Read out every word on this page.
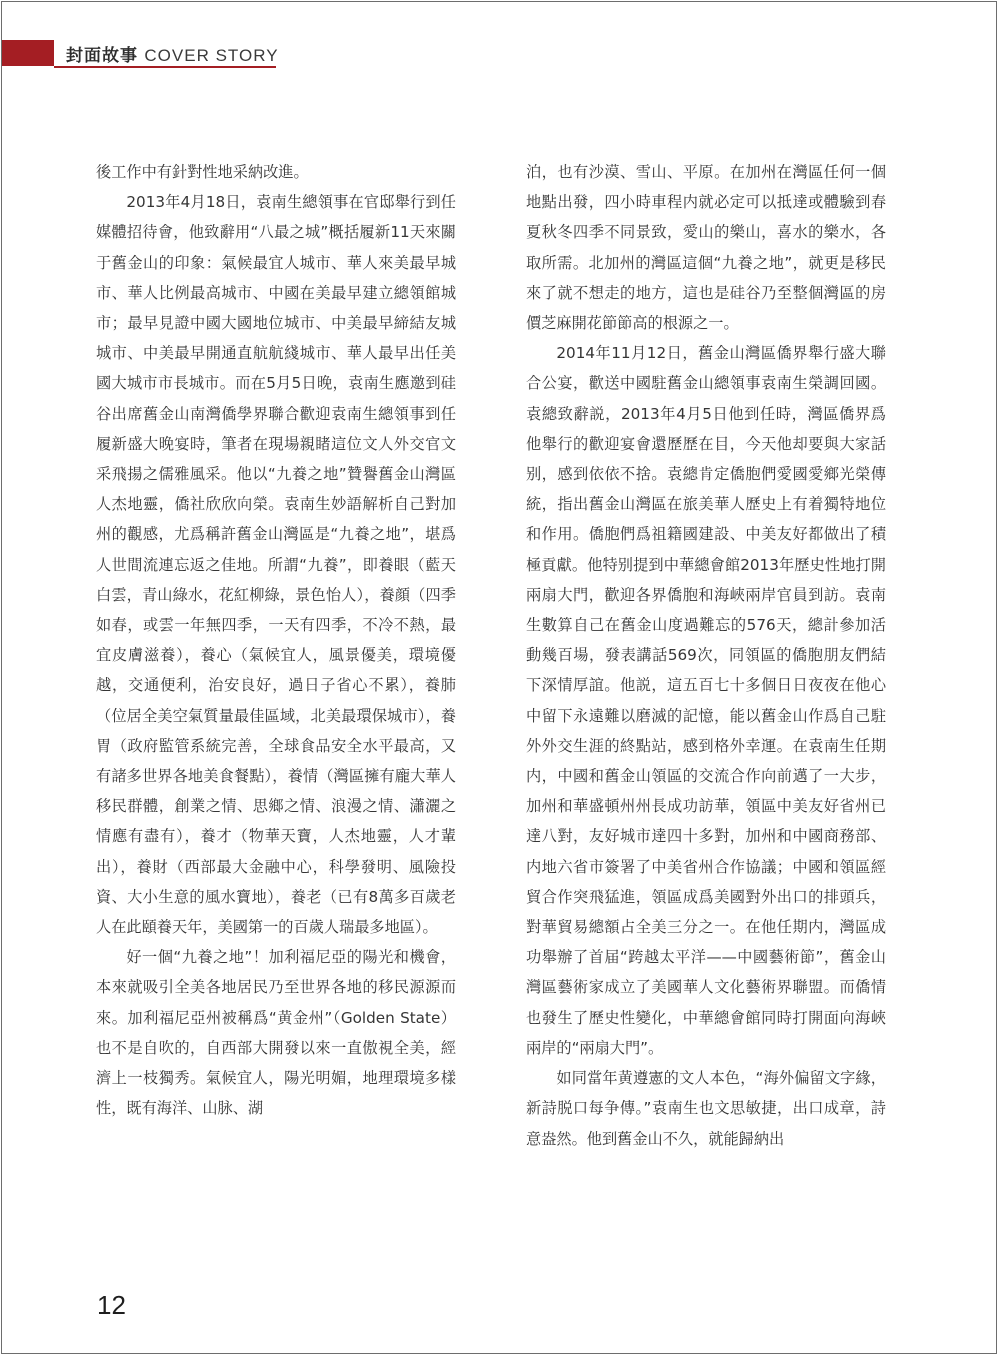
封面故事 COVER STORY

後工作中有針對性地采納改進。

2013年4月18日，袁南生總領事在官邸舉行到任媒體招待會，他致辭用“八最之城”概括履新11天來關于舊金山的印象：氣候最宜人城市、華人來美最早城市、華人比例最高城市、中國在美最早建立總領館城市；最早見證中國大國地位城市、中美最早締結友城城市、中美最早開通直航航綫城市、華人最早出任美國大城市市長城市。而在5月5日晚，袁南生應邀到硅谷出席舊金山南灣僑學界聯合歡迎袁南生總領事到任履新盛大晚宴時，筆者在現場親睹這位文人外交官文采飛揚之儒雅風采。他以“九養之地”贊譽舊金山灣區人杰地靈，僑社欣欣向榮。袁南生妙語解析自己對加州的觀感，尤爲稱許舊金山灣區是“九養之地”，堪爲人世間流連忘返之佳地。所謂“九養”，即養眼（藍天白雲，青山綠水，花紅柳綠，景色怡人），養顔（四季如春，或雲一年無四季，一天有四季，不冷不熱，最宜皮膚滋養），養心（氣候宜人，風景優美，環境優越，交通便利，治安良好，過日子省心不累），養肺（位居全美空氣質量最佳區域，北美最環保城市），養胃（政府監管系統完善，全球食品安全水平最高，又有諸多世界各地美食餐點），養情（灣區擁有龐大華人移民群體，創業之情、思鄉之情、浪漫之情、瀟灑之情應有盡有），養才（物華天寶，人杰地靈，人才輩出），養財（西部最大金融中心，科學發明、風險投資、大小生意的風水寶地），養老（已有8萬多百歲老人在此頤養天年，美國第一的百歲人瑞最多地區）。

好一個“九養之地”！加利福尼亞的陽光和機會，本來就吸引全美各地居民乃至世界各地的移民源源而來。加利福尼亞州被稱爲“黄金州”（Golden State）也不是自吹的，自西部大開發以來一直傲視全美，經濟上一枝獨秀。氣候宜人，陽光明媚，地理環境多樣性，既有海洋、山脉、湖

泊，也有沙漠、雪山、平原。在加州在灣區任何一個地點出發，四小時車程内就必定可以抵達或體驗到春夏秋冬四季不同景致，愛山的樂山，喜水的樂水，各取所需。北加州的灣區這個“九養之地”，就更是移民來了就不想走的地方，這也是硅谷乃至整個灣區的房價芝麻開花節節高的根源之一。

2014年11月12日，舊金山灣區僑界舉行盛大聯合公宴，歡送中國駐舊金山總領事袁南生榮調回國。袁總致辭説，2013年4月5日他到任時，灣區僑界爲他舉行的歡迎宴會還歷歷在目，今天他却要與大家話别，感到依依不捨。袁總肯定僑胞們愛國愛鄉光榮傳統，指出舊金山灣區在旅美華人歷史上有着獨特地位和作用。僑胞們爲祖籍國建設、中美友好都做出了積極貢獻。他特别提到中華總會館2013年歷史性地打開兩扇大門，歡迎各界僑胞和海峽兩岸官員到訪。袁南生數算自己在舊金山度過難忘的576天，總計參加活動幾百場，發表講話569次，同領區的僑胞朋友們結下深情厚誼。他説，這五百七十多個日日夜夜在他心中留下永遠難以磨滅的記憶，能以舊金山作爲自己駐外外交生涯的終點站，感到格外幸運。在袁南生任期内，中國和舊金山領區的交流合作向前邁了一大步，加州和華盛頓州州長成功訪華，領區中美友好省州已達八對，友好城市達四十多對，加州和中國商務部、内地六省市簽署了中美省州合作協議；中國和領區經貿合作突飛猛進，領區成爲美國對外出口的排頭兵，對華貿易總額占全美三分之一。在他任期内，灣區成功舉辦了首届“跨越太平洋——中國藝術節”，舊金山灣區藝術家成立了美國華人文化藝術界聯盟。而僑情也發生了歷史性變化，中華總會館同時打開面向海峽兩岸的“兩扇大門”。

如同當年黄遵憲的文人本色，“海外偏留文字緣，新詩脱口每争傳。”袁南生也文思敏捷，出口成章，詩意盎然。他到舊金山不久，就能歸納出

12
